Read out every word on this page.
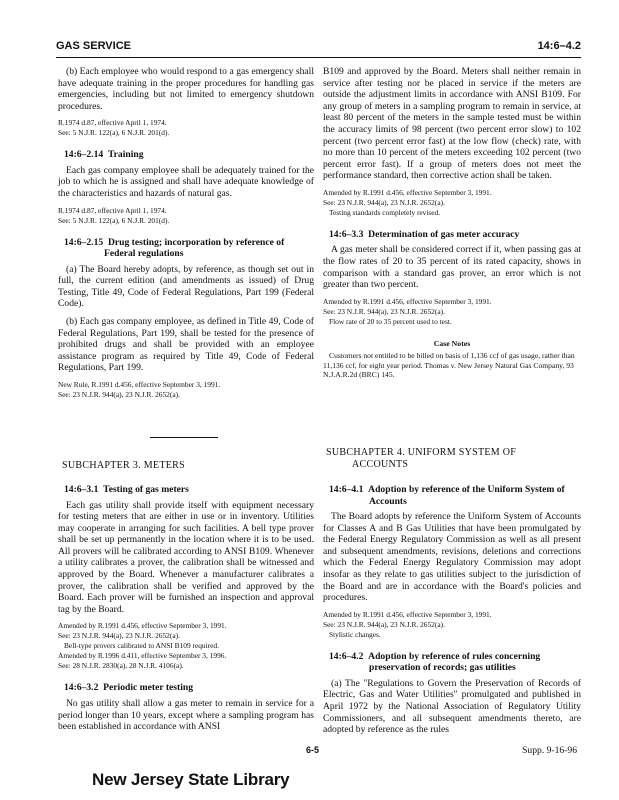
GAS SERVICE	14:6–4.2

(b) Each employee who would respond to a gas emergency shall have adequate training in the proper procedures for handling gas emergencies, including but not limited to emergency shutdown procedures.

R.1974 d.87, effective April 1, 1974.

See: 5 N.J.R. 122(a), 6 N.J.R. 201(d).

14:6–2.14 Training

Each gas company employee shall be adequately trained for the job to which he is assigned and shall have adequate knowledge of the characteristics and hazards of natural gas.

R.1974 d.87, effective April 1, 1974.

See: 5 N.J.R. 122(a), 6 N.J.R. 201(d).

14:6–2.15 Drug testing; incorporation by reference of
Federal regulations

(a) The Board hereby adopts, by reference, as though set out in full, the current edition (and amendments as issued) of Drug Testing, Title 49, Code of Federal Regulations, Part 199 (Federal Code).

(b) Each gas company employee, as defined in Title 49, Code of Federal Regulations, Part 199, shall be tested for the presence of prohibited drugs and shall be provided with an employee assistance program as required by Title 49, Code of Federal Regulations, Part 199.

New Rule, R.1991 d.456, effective September 3, 1991.

See: 23 N.J.R. 944(a), 23 N.J.R. 2652(a).

B109 and approved by the Board. Meters shall neither remain in service after testing nor be placed in service if the meters are outside the adjustment limits in accordance with ANSI B109. For any group of meters in a sampling program to remain in service, at least 80 percent of the meters in the sample tested must be within the accuracy limits of 98 percent (two percent error slow) to 102 percent (two percent error fast) at the low flow (check) rate, with no more than 10 percent of the meters exceeding 102 percent (two percent error fast). If a group of meters does not meet the performance standard, then corrective action shall be taken.

Amended by R.1991 d.456, effective September 3, 1991.

See: 23 N.J.R. 944(a), 23 N.J.R. 2652(a).

Testing standards completely revised.

14:6–3.3 Determination of gas meter accuracy

A gas meter shall be considered correct if it, when passing gas at the flow rates of 20 to 35 percent of its rated capacity, shows in comparison with a standard gas prover, an error which is not greater than two percent.

Amended by R.1991 d.456, effective September 3, 1991.

See: 23 N.J.R. 944(a), 23 N.J.R. 2652(a).

Flow rate of 20 to 35 percent used to test.

Case Notes

Customers not entitled to be billed on basis of 1,136 ccf of gas usage, rather than 11,136 ccf, for eight year period. Thomas v. New Jersey Natural Gas Company, 93 N.J.A.R.2d (BRC) 145.

SUBCHAPTER 3. METERS
SUBCHAPTER 4. UNIFORM SYSTEM OF
ACCOUNTS

14:6–3.1 Testing of gas meters

Each gas utility shall provide itself with equipment necessary for testing meters that are either in use or in inventory. Utilities may cooperate in arranging for such facilities. A bell type prover shall be set up permanently in the location where it is to be used. All provers will be calibrated according to ANSI B109. Whenever a utility calibrates a prover, the calibration shall be witnessed and approved by the Board. Whenever a manufacturer calibrates a prover, the calibration shall be verified and approved by the Board. Each prover will be furnished an inspection and approval tag by the Board.

Amended by R.1991 d.456, effective September 3, 1991.

See: 23 N.J.R. 944(a), 23 N.J.R. 2652(a).

Bell-type provers calibrated to ANSI B109 required.

Amended by R.1996 d.411, effective September 3, 1996.

See: 28 N.J.R. 2830(a), 28 N.J.R. 4106(a).

14:6–3.2 Periodic meter testing

No gas utility shall allow a gas meter to remain in service for a period longer than 10 years, except where a sampling program has been established in accordance with ANSI

14:6–4.1 Adoption by reference of the Uniform System of
Accounts

The Board adopts by reference the Uniform System of Accounts for Classes A and B Gas Utilities that have been promulgated by the Federal Energy Regulatory Commission as well as all present and subsequent amendments, revisions, deletions and corrections which the Federal Energy Regulatory Commission may adopt insofar as they relate to gas utilities subject to the jurisdiction of the Board and are in accordance with the Board's policies and procedures.

Amended by R.1991 d.456, effective September 3, 1991.

See: 23 N.J.R. 944(a), 23 N.J.R. 2652(a).

Stylistic changes.

14:6–4.2 Adoption by reference of rules concerning
preservation of records; gas utilities

(a) The "Regulations to Govern the Preservation of Records of Electric, Gas and Water Utilities" promulgated and published in April 1972 by the National Association of Regulatory Utility Commissioners, and all subsequent amendments thereto, are adopted by reference as the rules

6-5	Supp. 9-16-96
New Jersey State Library
